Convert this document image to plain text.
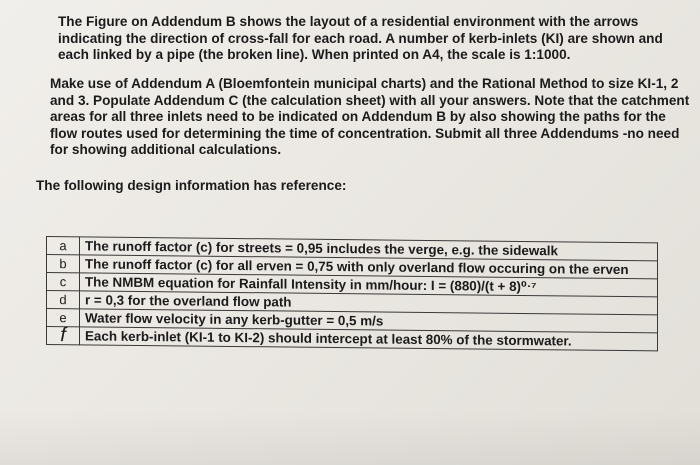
The Figure on Addendum B shows the layout of a residential environment with the arrows indicating the direction of cross-fall for each road. A number of kerb-inlets (KI) are shown and each linked by a pipe (the broken line). When printed on A4, the scale is 1:1000.

Make use of Addendum A (Bloemfontein municipal charts) and the Rational Method to size KI-1, 2 and 3. Populate Addendum C (the calculation sheet) with all your answers. Note that the catchment areas for all three inlets need to be indicated on Addendum B by also showing the paths for the flow routes used for determining the time of concentration. Submit all three Addendums -no need for showing additional calculations.

The following design information has reference:

a	The runoff factor (c) for streets = 0,95 includes the verge, e.g. the sidewalk
b	The runoff factor (c) for all erven = 0,75 with only overland flow occuring on the erven
c	The NMBM equation for Rainfall Intensity in mm/hour: I = (880)/(t + 8)⁰ᐧ⁷
d	r = 0,3 for the overland flow path
e	Water flow velocity in any kerb-gutter = 0,5 m/s
f	Each kerb-inlet (KI-1 to KI-2) should intercept at least 80% of the stormwater.
